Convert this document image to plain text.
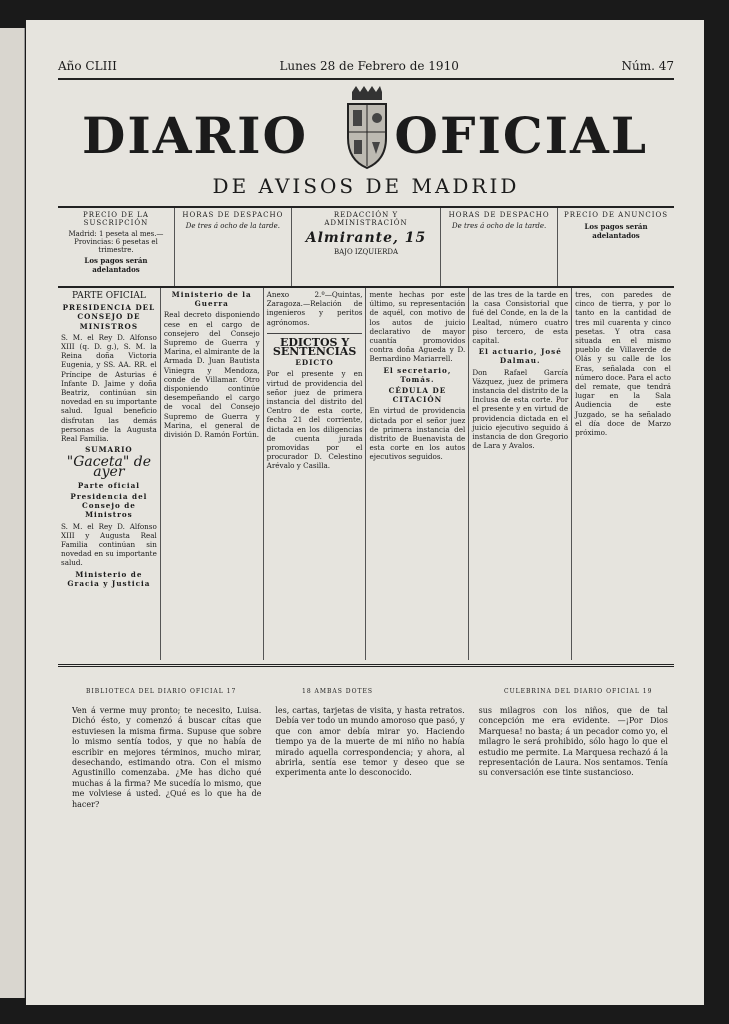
Año CLIII	Lunes 28 de Febrero de 1910	Núm. 47
DIARIO OFICIAL
DE AVISOS DE MADRID
PRECIO DE LA SUSCRIPCIÓN
Madrid: 1 peseta al mes.—Provincias: 6 pesetas el trimestre.
Los pagos serán adelantados
HORAS DE DESPACHO
De tres á ocho de la tarde.
REDACCIÓN Y ADMINISTRACIÓN
Almirante, 15
BAJO IZQUIERDA
HORAS DE DESPACHO
De tres á ocho de la tarde.
PRECIO DE ANUNCIOS
Los pagos serán adelantados
PARTE OFICIAL
PRESIDENCIA DEL CONSEJO DE MINISTROS

S. M. el Rey D. Alfonso XIII (q. D. g.), S. M. la Reina doña Victoria Eugenia, y SS. AA. RR. el Príncipe de Asturias é Infante D. Jaime y doña Beatriz, continúan sin novedad en su importante salud. Igual beneficio disfrutan las demás personas de la Augusta Real Familia.

SUMARIO
"Gaceta" de ayer
Parte oficial
Presidencia del Consejo de Ministros

S. M. el Rey D. Alfonso XIII y Augusta Real Familia continúan sin novedad en su importante salud.

Ministerio de Gracia y Justicia
Ministerio de la Guerra

Real decreto disponiendo cese en el cargo de consejero del Consejo Supremo de Guerra y Marina, el almirante de la Armada D. Juan Bautista Viniegra y Mendoza, conde de Villamar. Otro disponiendo continúe desempeñando el cargo de vocal del Consejo Supremo de Guerra y Marina, el general de división D. Ramón Fortún.

Anexo 2.º—Quintas, Zaragoza.—Relación de ingenieros y peritos agrónomos.

EDICTOS Y SENTENCIAS
EDICTO

Por el presente y en virtud de providencia del señor juez de primera instancia del distrito del Centro de esta corte, fecha 21 del corriente, dictada en los diligencias de cuenta jurada promovidas por el procurador D. Celestino Arévalo y Casilla.

mente hechas por este último, su representación de aquél, con motivo de los autos de juicio declarativo de mayor cuantía promovidos contra doña Agueda y D. Bernardino Mariarrell.

El secretario, Tomás.
CÉDULA DE CITACIÓN

En virtud de providencia dictada por el señor juez de primera instancia del distrito de Buenavista de esta corte en los autos ejecutivos seguidos.

de las tres de la tarde en la casa Consistorial que fué del Conde, en la de la Lealtad, número cuatro piso tercero, de esta capital.

El actuario, José Dalmau.

Don Rafael García Vázquez, juez de primera instancia del distrito de la Inclusa de esta corte. Por el presente y en virtud de providencia dictada en el juicio ejecutivo seguido á instancia de don Gregorio de Lara y Avalos.

tres, con paredes de cinco de tierra, y por lo tanto en la cantidad de tres mil cuarenta y cinco pesetas. Y otra casa situada en el mismo pueblo de Villaverde de Olás y su calle de los Eras, señalada con el número doce. Para el acto del remate, que tendrá lugar en la Sala Audiencia de este Juzgado, se ha señalado el día doce de Marzo próximo.

BIBLIOTECA DEL DIARIO OFICIAL 17	18 AMBAS DOTES	CULEBRINA DEL DIARIO OFICIAL 19
Ven á verme muy pronto; te necesito, Luisa. Dichó ésto, y comenzó á buscar cítas que estuviesen la misma firma. Supuse que sobre lo mismo sentía todos, y que no había de escribir en mejores términos, mucho mirar, desechando, estimando otra. Con el mismo Agustinillo comenzaba. ¿Me has dicho qué muchas á la firma? Me sucedía lo mismo, que me volviese á usted. ¿Qué es lo que ha de hacer?
les, cartas, tarjetas de visita, y hasta retratos. Debía ver todo un mundo amoroso que pasó, y que con amor debía mirar yo. Haciendo tiempo ya de la muerte de mi niño no había mirado aquella correspondencia; y ahora, al abrirla, sentía ese temor y deseo que se experimenta ante lo desconocido.
sus milagros con los niños, que de tal concepción me era evidente. —¡Por Dios Marquesa! no basta; á un pecador como yo, el milagro le será prohibido, sólo hago lo que el estudio me permite. La Marquesa rechazó á la representación de Laura. Nos sentamos. Tenía su conversación ese tinte sustancioso.
